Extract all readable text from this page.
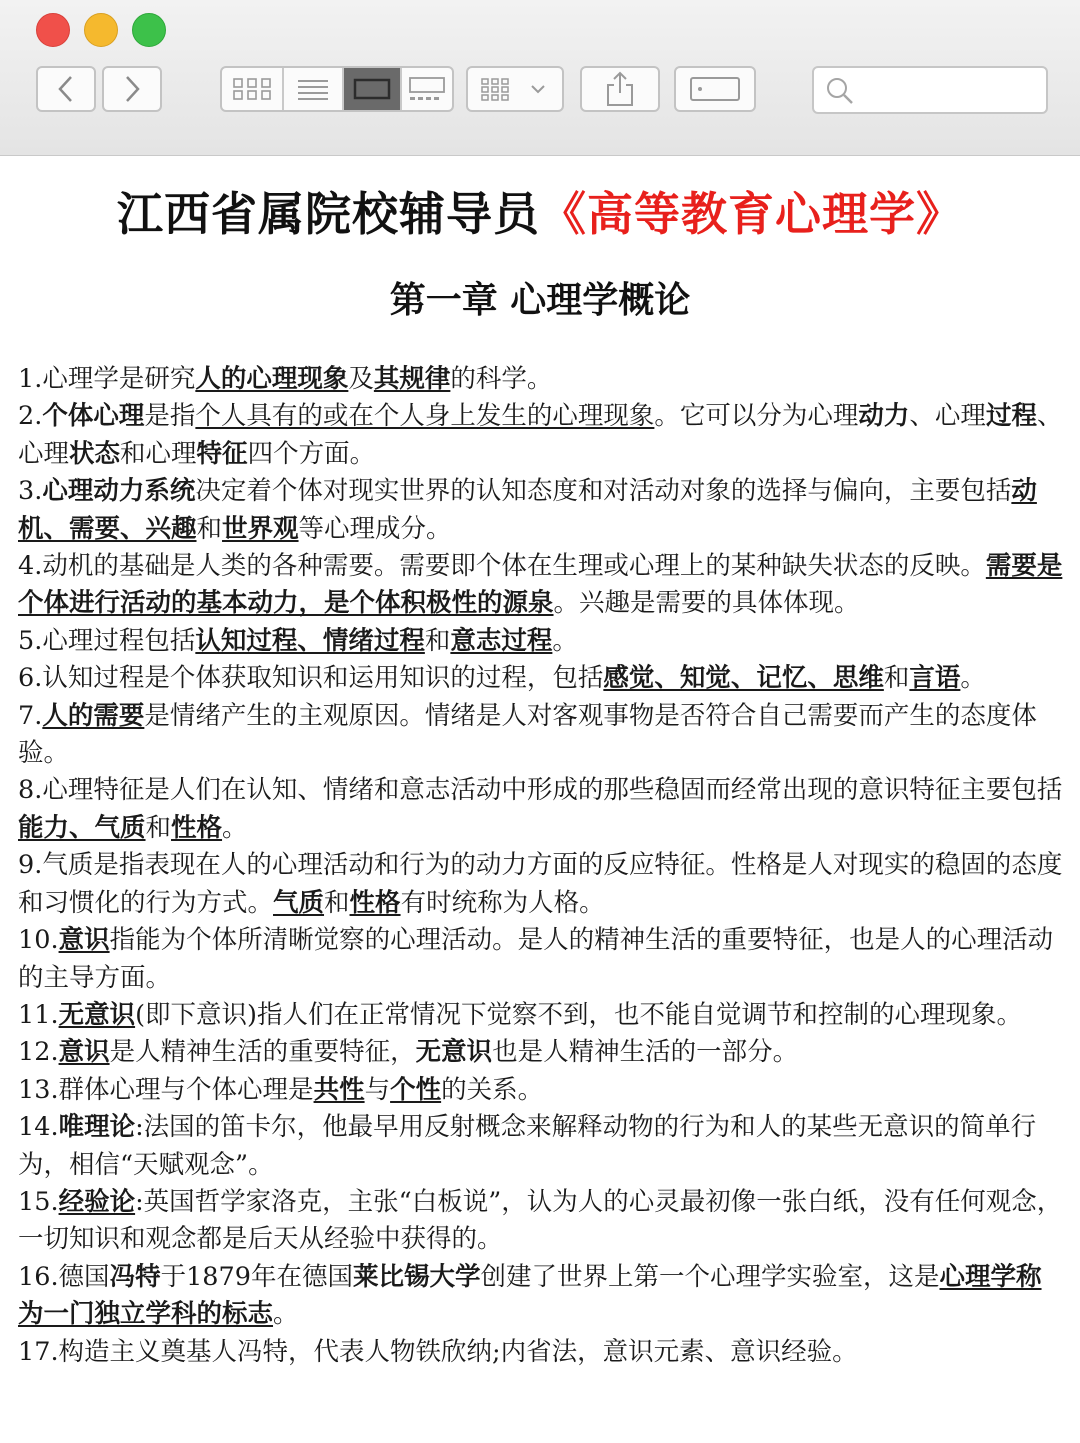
江西省属院校辅导员《高等教育心理学》
第一章 心理学概论

1.心理学是研究人的心理现象及其规律的科学。

2.个体心理是指个人具有的或在个人身上发生的心理现象。它可以分为心理动力、心理过程、心理状态和心理特征四个方面。

3.心理动力系统决定着个体对现实世界的认知态度和对活动对象的选择与偏向，主要包括动机、需要、兴趣和世界观等心理成分。

4.动机的基础是人类的各种需要。需要即个体在生理或心理上的某种缺失状态的反映。需要是个体进行活动的基本动力，是个体积极性的源泉。兴趣是需要的具体体现。

5.心理过程包括认知过程、情绪过程和意志过程。

6.认知过程是个体获取知识和运用知识的过程，包括感觉、知觉、记忆、思维和言语。

7.人的需要是情绪产生的主观原因。情绪是人对客观事物是否符合自己需要而产生的态度体验。

8.心理特征是人们在认知、情绪和意志活动中形成的那些稳固而经常出现的意识特征主要包括能力、气质和性格。

9.气质是指表现在人的心理活动和行为的动力方面的反应特征。性格是人对现实的稳固的态度和习惯化的行为方式。气质和性格有时统称为人格。

10.意识指能为个体所清晰觉察的心理活动。是人的精神生活的重要特征，也是人的心理活动的主导方面。

11.无意识(即下意识)指人们在正常情况下觉察不到，也不能自觉调节和控制的心理现象。

12.意识是人精神生活的重要特征，无意识也是人精神生活的一部分。

13.群体心理与个体心理是共性与个性的关系。

14.唯理论:法国的笛卡尔，他最早用反射概念来解释动物的行为和人的某些无意识的简单行为，相信“天赋观念”。

15.经验论:英国哲学家洛克，主张“白板说”，认为人的心灵最初像一张白纸，没有任何观念，一切知识和观念都是后天从经验中获得的。

16.德国冯特于1879年在德国莱比锡大学创建了世界上第一个心理学实验室，这是心理学称为一门独立学科的标志。

17.构造主义奠基人冯特，代表人物铁欣纳;内省法，意识元素、意识经验。
